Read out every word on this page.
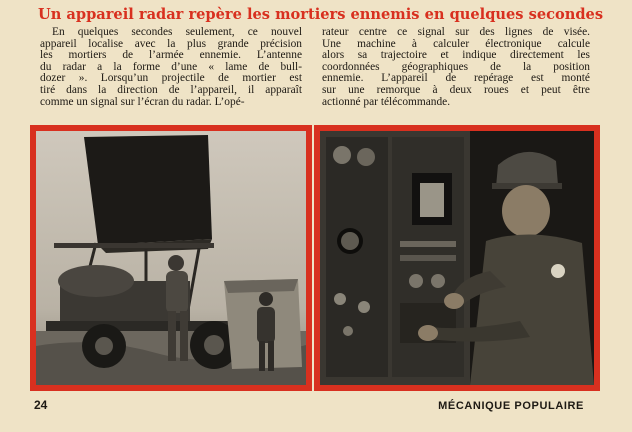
Un appareil radar repère les mortiers ennemis en quelques secondes
En quelques secondes seulement, ce nouvel
appareil localise avec la plus grande précision
les mortiers de l’armée ennemie. L’antenne
du radar a la forme d’une « lame de bull-
dozer ». Lorsqu’un projectile de mortier est
tiré dans la direction de l’appareil, il apparaît
comme un signal sur l’écran du radar. L’opé-
rateur centre ce signal sur des lignes de visée.
Une machine à calculer électronique calcule
alors sa trajectoire et indique directement les
coordonnées géographiques de la position
ennemie. L’appareil de repérage est monté
sur une remorque à deux roues et peut être
actionné par télécommande.
24	MÉCANIQUE POPULAIRE
